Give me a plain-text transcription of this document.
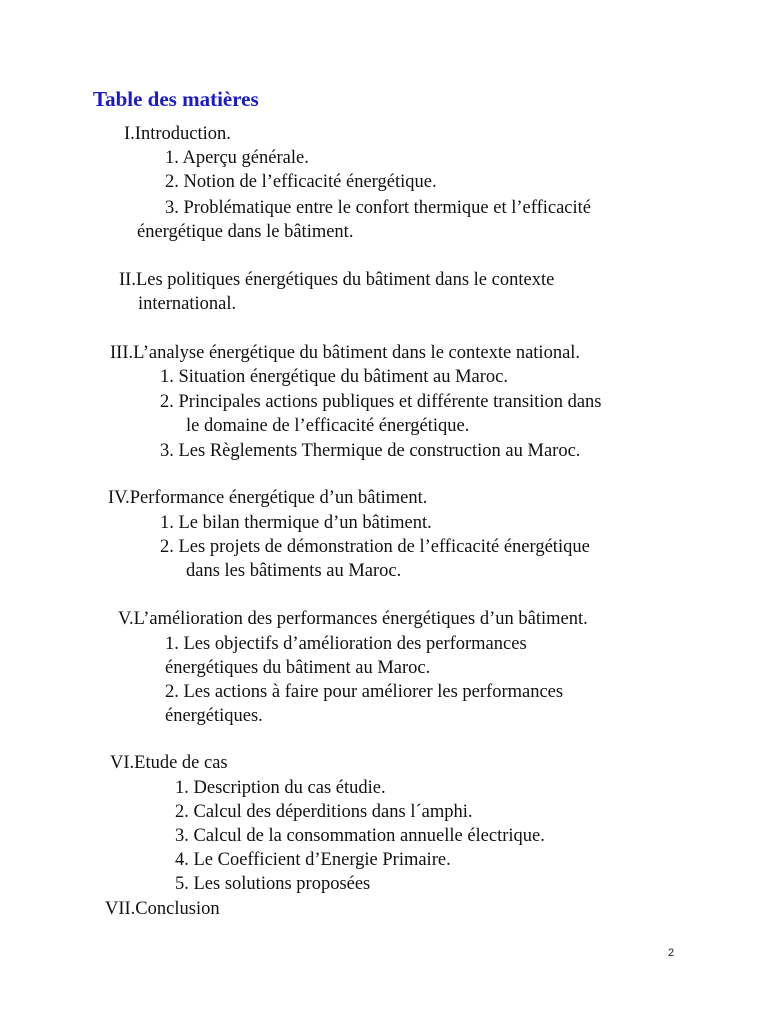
Table des matières
I.Introduction.
1. Aperçu générale.
2. Notion de l’efficacité énergétique.
3. Problématique entre le confort thermique et l’efficacité
énergétique dans le bâtiment.
II.Les politiques énergétiques du bâtiment dans le contexte
international.
III.L’analyse énergétique du bâtiment dans le contexte national.
1. Situation énergétique du bâtiment au Maroc.
2. Principales actions publiques et différente transition dans
le domaine de l’efficacité énergétique.
3. Les Règlements Thermique de construction au Maroc.
IV.Performance énergétique d’un bâtiment.
1. Le bilan thermique d’un bâtiment.
2. Les projets de démonstration de l’efficacité énergétique
dans les bâtiments au Maroc.
V.L’amélioration des performances énergétiques d’un bâtiment.
1. Les objectifs d’amélioration des performances
énergétiques du bâtiment au Maroc.
2. Les actions à faire pour améliorer les performances
énergétiques.
VI.Etude de cas
1. Description du cas étudie.
2. Calcul des déperditions dans l´amphi.
3. Calcul de la consommation annuelle électrique.
4. Le Coefficient d’Energie Primaire.
5. Les solutions proposées
VII.Conclusion
2
